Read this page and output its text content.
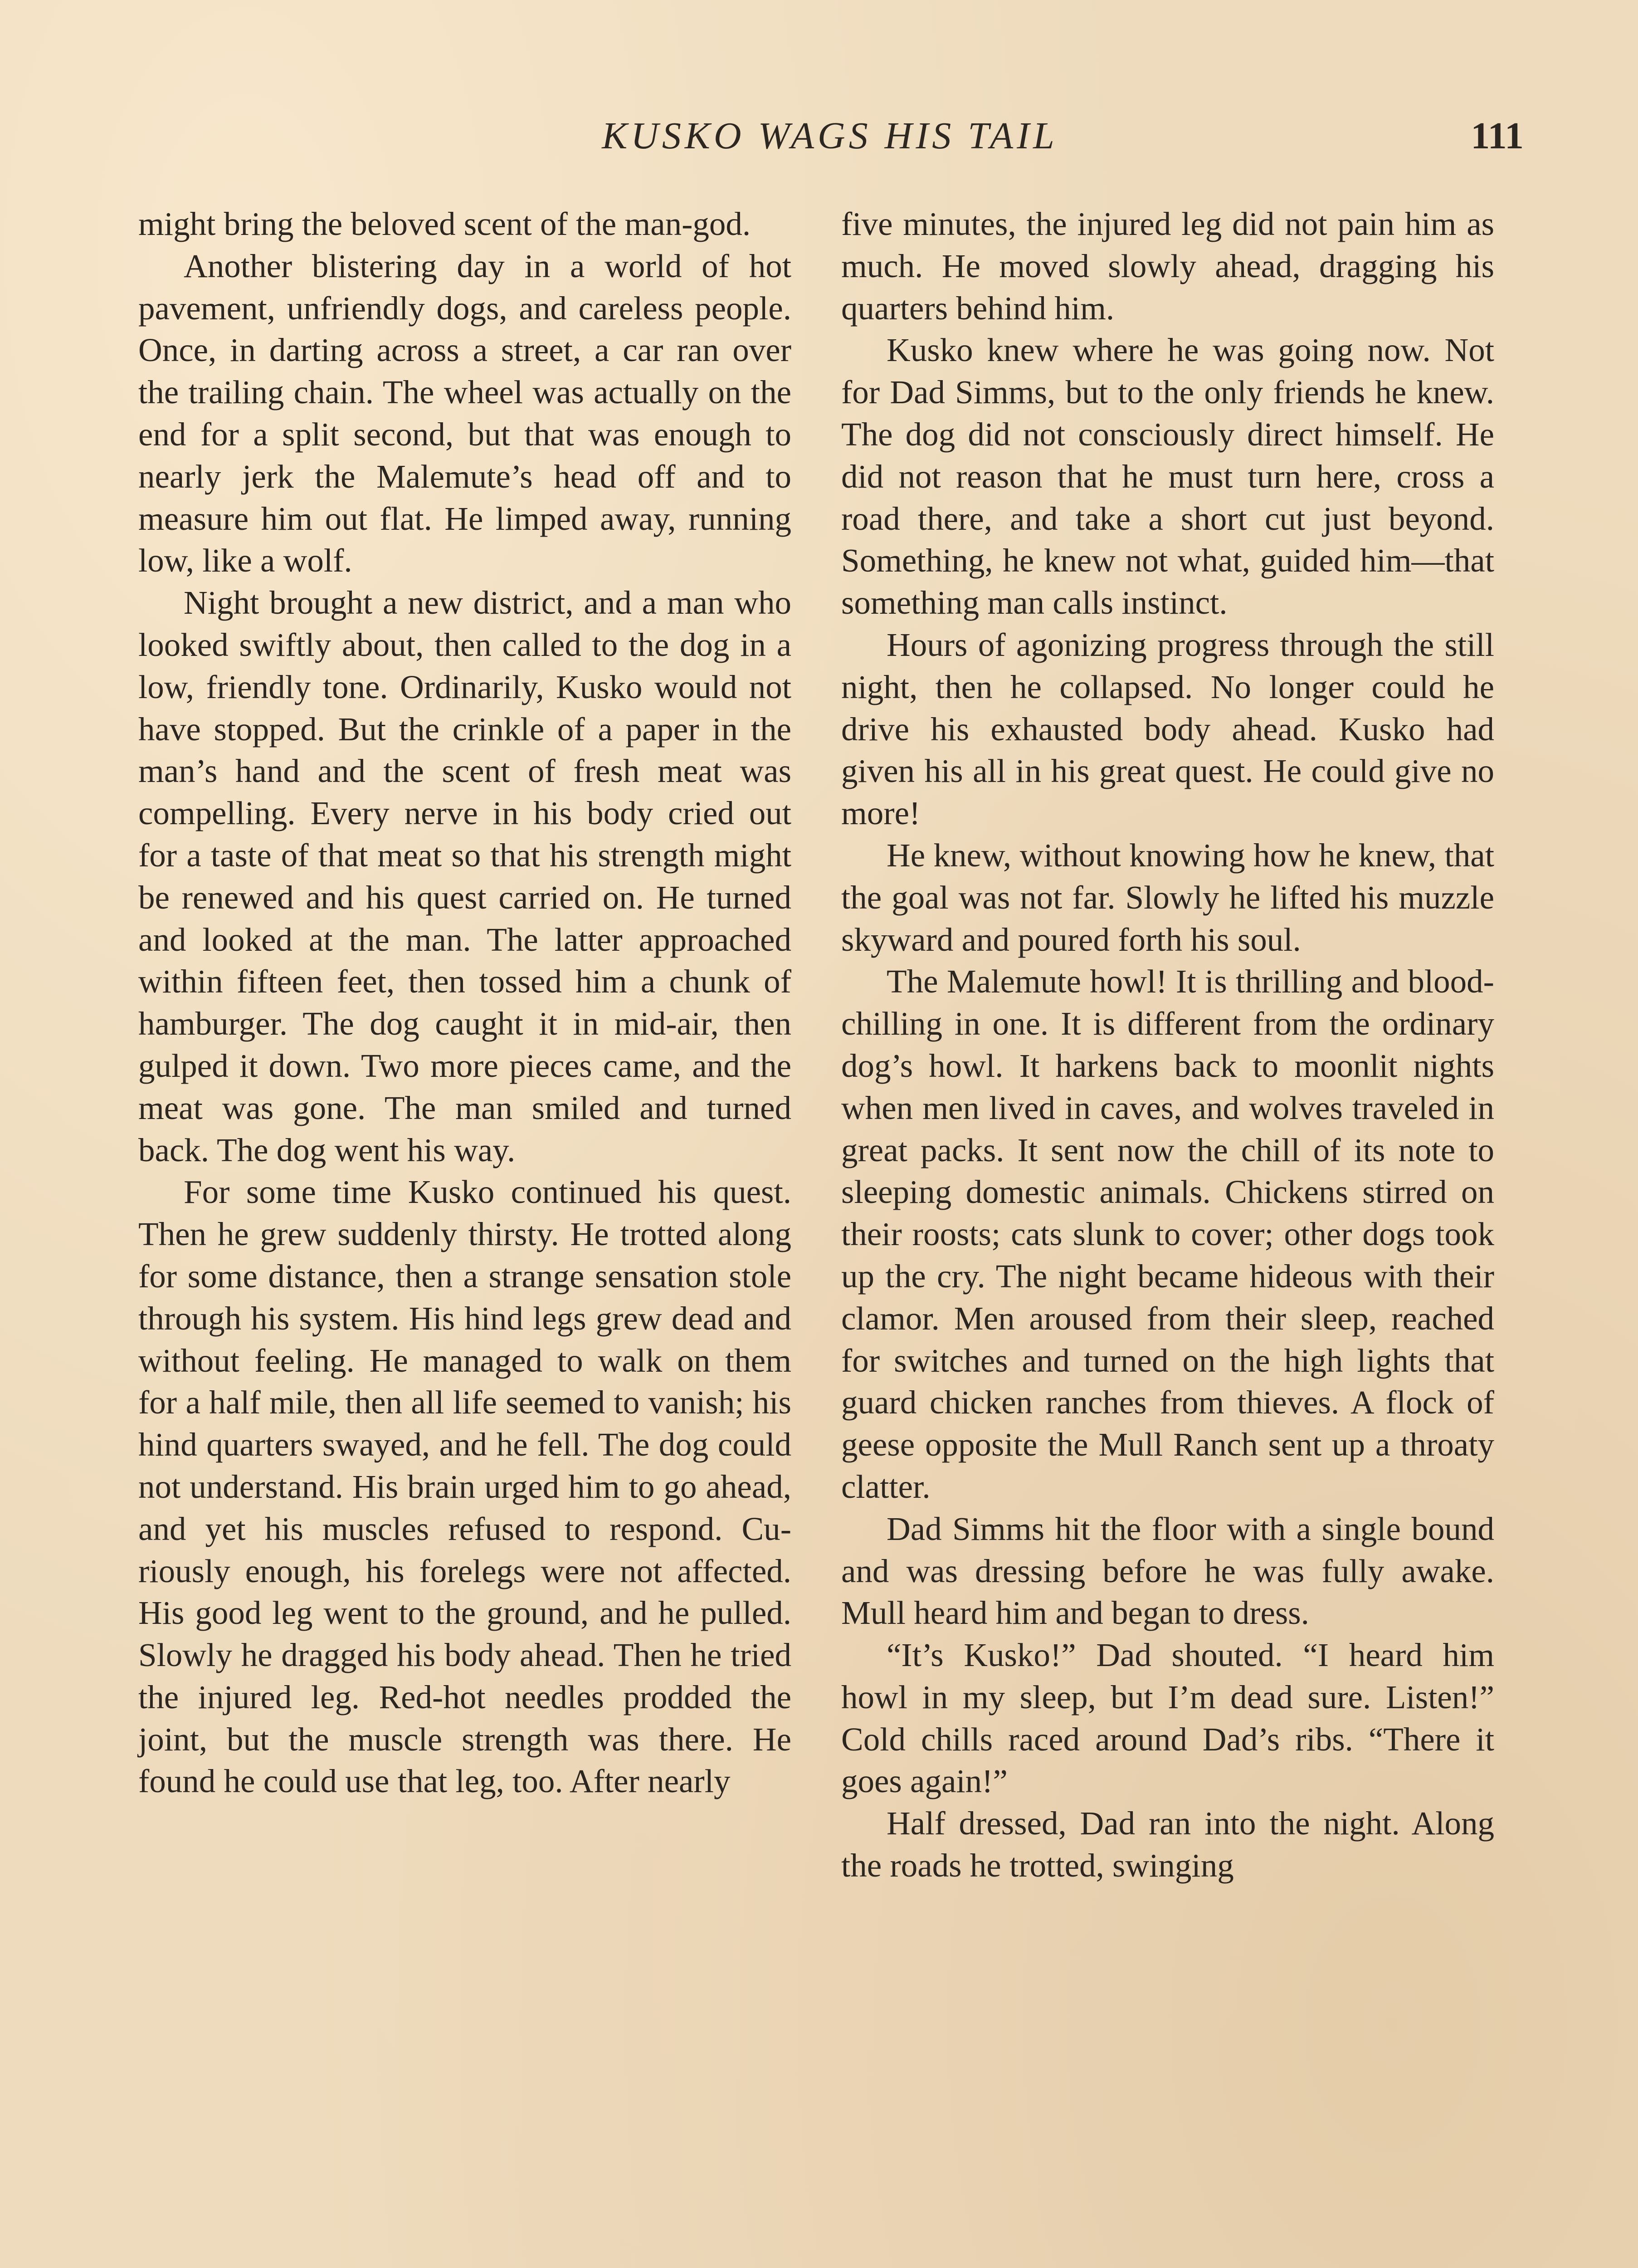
KUSKO WAGS HIS TAIL	111

might bring the beloved scent of the man-god.

Another blistering day in a world of hot pavement, unfriendly dogs, and careless people. Once, in darting across a street, a car ran over the trailing chain. The wheel was actually on the end for a split second, but that was enough to nearly jerk the Malemute’s head off and to measure him out flat. He limped away, running low, like a wolf.

Night brought a new district, and a man who looked swiftly about, then called to the dog in a low, friendly tone. Ordinarily, Kusko would not have stopped. But the crinkle of a paper in the man’s hand and the scent of fresh meat was compelling. Every nerve in his body cried out for a taste of that meat so that his strength might be renewed and his quest carried on. He turned and looked at the man. The latter approached within fifteen feet, then tossed him a chunk of hamburger. The dog caught it in mid-air, then gulped it down. Two more pieces came, and the meat was gone. The man smiled and turned back. The dog went his way.

For some time Kusko continued his quest. Then he grew suddenly thirsty. He trotted along for some distance, then a strange sensation stole through his system. His hind legs grew dead and without feeling. He managed to walk on them for a half mile, then all life seemed to vanish; his hind quarters swayed, and he fell. The dog could not understand. His brain urged him to go ahead, and yet his muscles refused to respond. Curiously enough, his forelegs were not affected. His good leg went to the ground, and he pulled. Slowly he dragged his body ahead. Then he tried the injured leg. Red-hot needles prodded the joint, but the muscle strength was there. He found he could use that leg, too. After nearly

five minutes, the injured leg did not pain him as much. He moved slowly ahead, dragging his quarters behind him.

Kusko knew where he was going now. Not for Dad Simms, but to the only friends he knew. The dog did not consciously direct himself. He did not reason that he must turn here, cross a road there, and take a short cut just beyond. Something, he knew not what, guided him—that something man calls instinct.

Hours of agonizing progress through the still night, then he collapsed. No longer could he drive his exhausted body ahead. Kusko had given his all in his great quest. He could give no more!

He knew, without knowing how he knew, that the goal was not far. Slowly he lifted his muzzle skyward and poured forth his soul.

The Malemute howl! It is thrilling and blood-chilling in one. It is different from the ordinary dog’s howl. It harkens back to moonlit nights when men lived in caves, and wolves traveled in great packs. It sent now the chill of its note to sleeping domestic animals. Chickens stirred on their roosts; cats slunk to cover; other dogs took up the cry. The night became hideous with their clamor. Men aroused from their sleep, reached for switches and turned on the high lights that guard chicken ranches from thieves. A flock of geese opposite the Mull Ranch sent up a throaty clatter.

Dad Simms hit the floor with a single bound and was dressing before he was fully awake. Mull heard him and began to dress.

“It’s Kusko!” Dad shouted. “I heard him howl in my sleep, but I’m dead sure. Listen!” Cold chills raced around Dad’s ribs. “There it goes again!”

Half dressed, Dad ran into the night. Along the roads he trotted, swinging
